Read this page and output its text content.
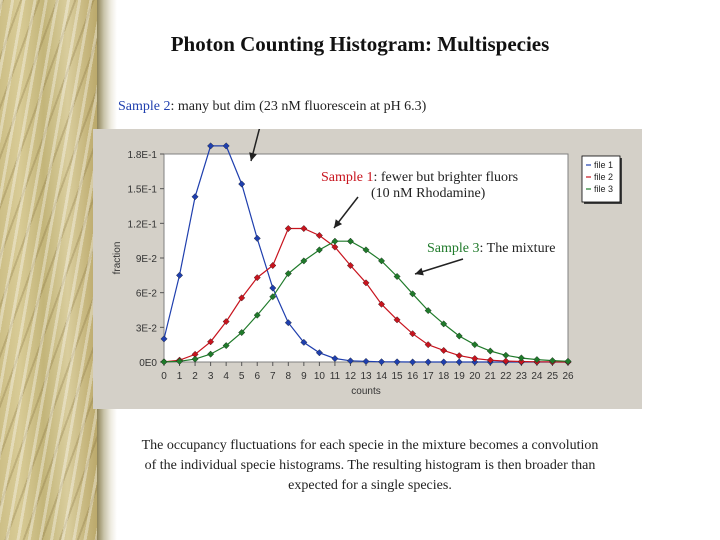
Photon Counting Histogram: Multispecies
Sample 2: many but dim (23 nM fluorescein at pH 6.3)
0E0
3E-2
6E-2
9E-2
1.2E-1
1.5E-1
1.8E-1
0 1 2 3 4 5 6 7 8 9 10 11 12 13 14 15 16 17 18 19 20 21 22 23 24 25 26
counts
fraction
file 1
file 2
file 3
Sample 1: fewer but brighter fluors
(10 nM Rhodamine)
Sample 3: The mixture
The occupancy fluctuations for each specie in the mixture becomes a convolution
of the individual specie histograms. The resulting histogram is then broader than
expected for a single species.
